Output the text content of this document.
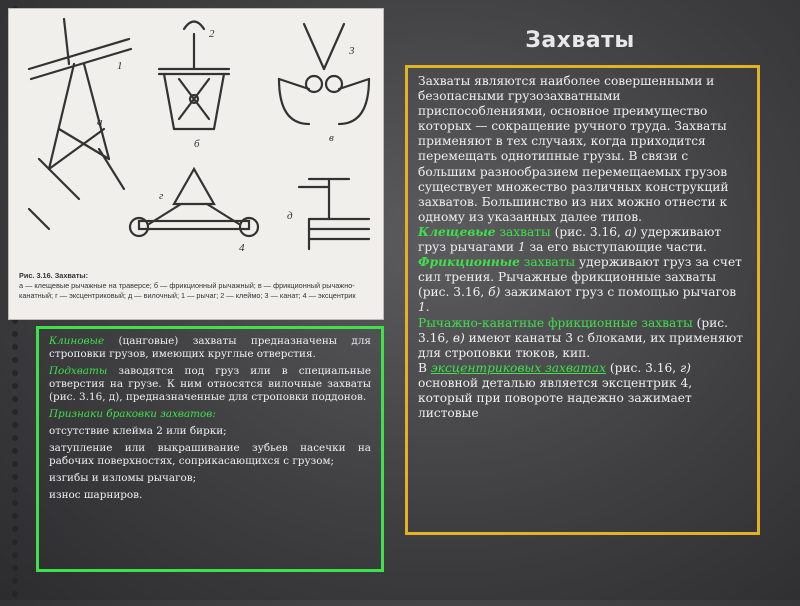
а
б	в
г
д
1
2
3
4
Рис. 3.16. Захваты:
а — клещевые рычажные на траверсе; б — фрикционный рычажный; в — фрикционный рычажно-канатный; г — эксцентриковый; д — вилочный; 1 — рычаг; 2 — клеймо; 3 — канат; 4 — эксцентрик
Захваты

Захваты являются наиболее совершенными и безопасными грузозахватными приспособлениями, основное преимущество которых — сокращение ручного труда. Захваты применяют в тех случаях, когда приходится перемещать однотипные грузы. В связи с большим разнообразием перемещаемых грузов существует множество различных конструкций захватов. Большинство из них можно отнести к одному из указанных далее типов.

Клещевые захваты (рис. 3.16, а) удерживают груз рычагами 1 за его выступающие части.

Фрикционные захваты удерживают груз за счет сил трения. Рычажные фрикционные захваты (рис. 3.16, б) зажимают груз с помощью рычагов 1.

Рычажно-канатные фрикционные захваты (рис. 3.16, в) имеют канаты 3 с блоками, их применяют для строповки тюков, кип.

В эксцентриковых захватах (рис. 3.16, г) основной деталью является эксцентрик 4, который при повороте надежно зажимает листовые

Клиновые (цанговые) захваты предназначены для строповки грузов, имеющих круглые отверстия.

Подхваты заводятся под груз или в специальные отверстия на грузе. К ним относятся вилочные захваты (рис. 3.16, д), предназначенные для строповки поддонов.

Признаки браковки захватов:

отсутствие клейма 2 или бирки;

затупление или выкрашивание зубьев насечки на рабочих поверхностях, соприкасающихся с грузом;

изгибы и изломы рычагов;

износ шарниров.
